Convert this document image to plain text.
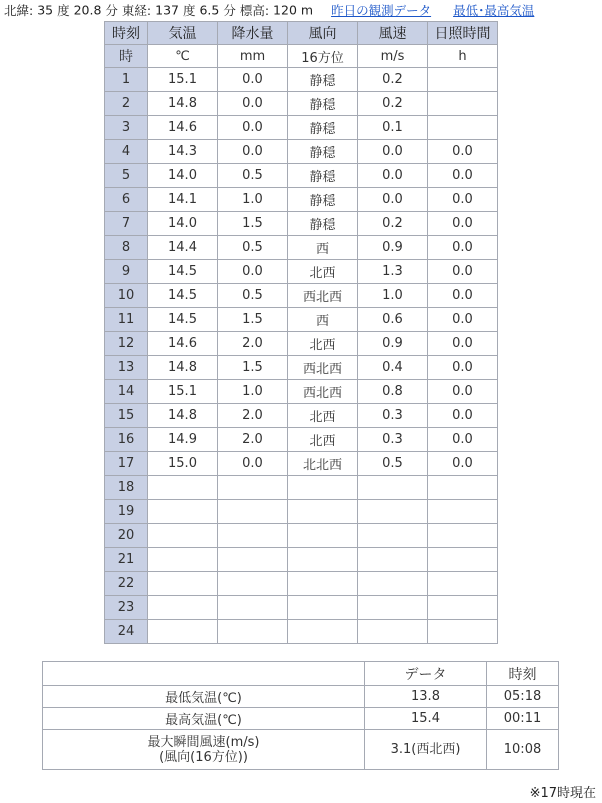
北緯: 35 度 20.8 分 東経: 137 度 6.5 分 標高: 120 m 昨日の観測データ 最低･最高気温
時刻	気温	降水量	風向	風速	日照時間
時	℃	mm	16方位	m/s	h
1	15.1	0.0	静穏	0.2	
2	14.8	0.0	静穏	0.2	
3	14.6	0.0	静穏	0.1	
4	14.3	0.0	静穏	0.0	0.0
5	14.0	0.5	静穏	0.0	0.0
6	14.1	1.0	静穏	0.0	0.0
7	14.0	1.5	静穏	0.2	0.0
8	14.4	0.5	西	0.9	0.0
9	14.5	0.0	北西	1.3	0.0
10	14.5	0.5	西北西	1.0	0.0
11	14.5	1.5	西	0.6	0.0
12	14.6	2.0	北西	0.9	0.0
13	14.8	1.5	西北西	0.4	0.0
14	15.1	1.0	西北西	0.8	0.0
15	14.8	2.0	北西	0.3	0.0
16	14.9	2.0	北西	0.3	0.0
17	15.0	0.0	北北西	0.5	0.0
18					
19					
20					
21					
22					
23					
24					
	データ	時刻
最低気温(℃)	13.8	05:18
最高気温(℃)	15.4	00:11

最大瞬間風速(m/s)
(風向(16方位))	3.1(西北西)	10:08
※17時現在
